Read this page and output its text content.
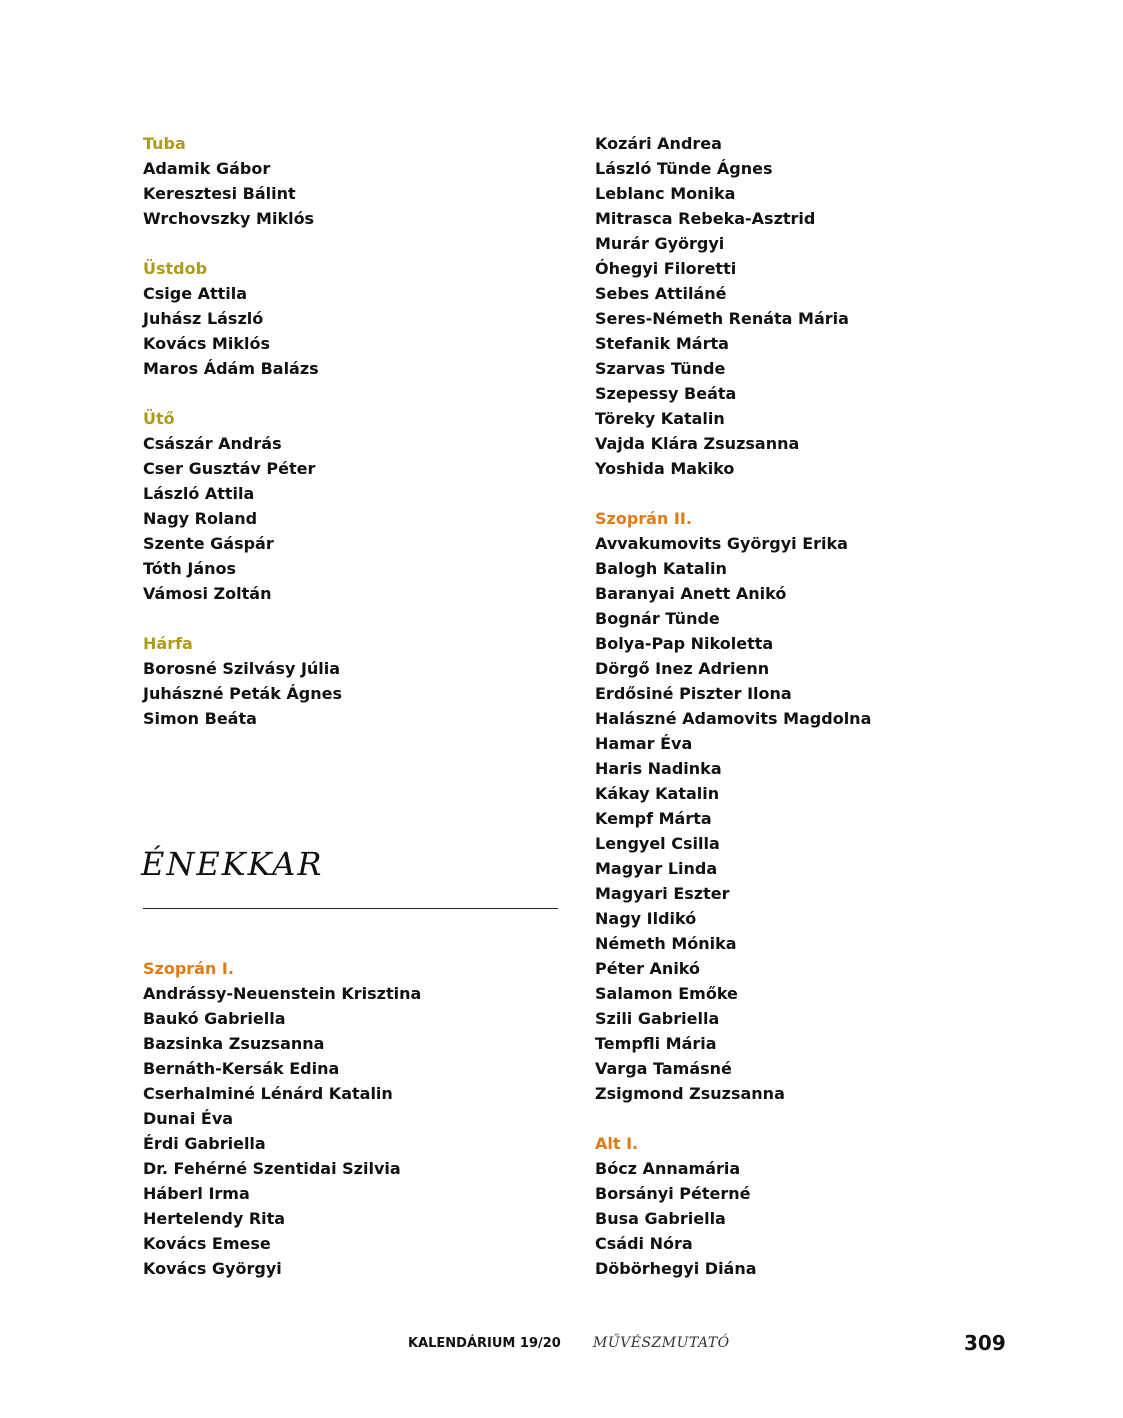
Tuba
Adamik Gábor
Keresztesi Bálint
Wrchovszky Miklós
Üstdob
Csige Attila
Juhász László
Kovács Miklós
Maros Ádám Balázs
Ütő
Császár András
Cser Gusztáv Péter
László Attila
Nagy Roland
Szente Gáspár
Tóth János
Vámosi Zoltán
Hárfa
Borosné Szilvásy Júlia
Juhászné Peták Ágnes
Simon Beáta
ÉNEKKAR
Szoprán I.
Andrássy-Neuenstein Krisztina
Baukó Gabriella
Bazsinka Zsuzsanna
Bernáth-Kersák Edina
Cserhalminé Lénárd Katalin
Dunai Éva
Érdi Gabriella
Dr. Fehérné Szentidai Szilvia
Háberl Irma
Hertelendy Rita
Kovács Emese
Kovács Györgyi
Kozári Andrea
László Tünde Ágnes
Leblanc Monika
Mitrasca Rebeka-Asztrid
Murár Györgyi
Óhegyi Filoretti
Sebes Attiláné
Seres-Németh Renáta Mária
Stefanik Márta
Szarvas Tünde
Szepessy Beáta
Töreky Katalin
Vajda Klára Zsuzsanna
Yoshida Makiko
Szoprán II.
Avvakumovits Györgyi Erika
Balogh Katalin
Baranyai Anett Anikó
Bognár Tünde
Bolya-Pap Nikoletta
Dörgő Inez Adrienn
Erdősiné Piszter Ilona
Halászné Adamovits Magdolna
Hamar Éva
Haris Nadinka
Kákay Katalin
Kempf Márta
Lengyel Csilla
Magyar Linda
Magyari Eszter
Nagy Ildikó
Németh Mónika
Péter Anikó
Salamon Emőke
Szili Gabriella
Tempfli Mária
Varga Tamásné
Zsigmond Zsuzsanna
Alt I.
Bócz Annamária
Borsányi Péterné
Busa Gabriella
Csádi Nóra
Döbörhegyi Diána
KALENDÁRIUM 19/20 MŰVÉSZMUTATÓ	309
